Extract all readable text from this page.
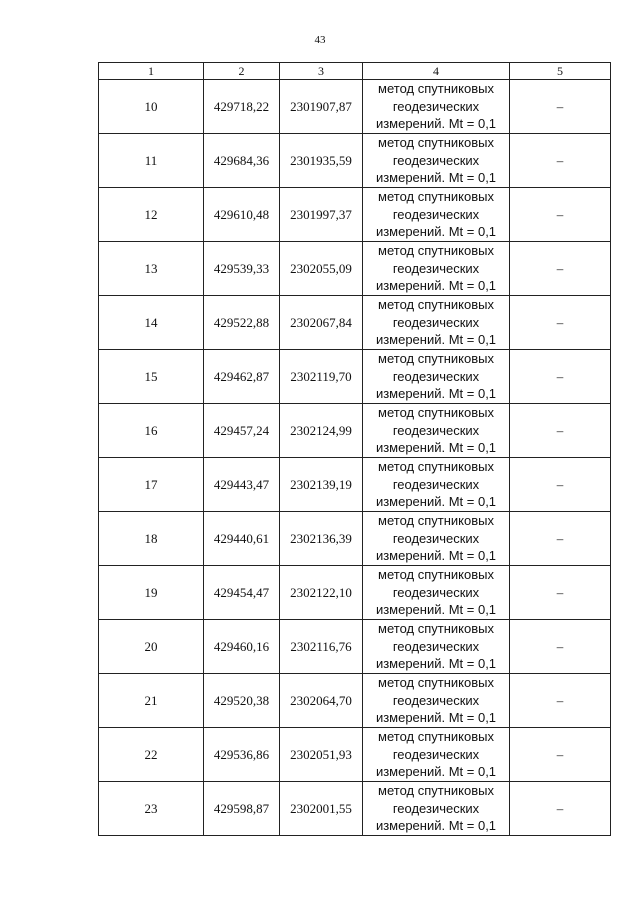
43
1	2	3	4	5
10	429718,22	2301907,87	метод спутниковых
геодезических
измерений. Mt = 0,1	–
11	429684,36	2301935,59	метод спутниковых
геодезических
измерений. Mt = 0,1	–
12	429610,48	2301997,37	метод спутниковых
геодезических
измерений. Mt = 0,1	–
13	429539,33	2302055,09	метод спутниковых
геодезических
измерений. Mt = 0,1	–
14	429522,88	2302067,84	метод спутниковых
геодезических
измерений. Mt = 0,1	–
15	429462,87	2302119,70	метод спутниковых
геодезических
измерений. Mt = 0,1	–
16	429457,24	2302124,99	метод спутниковых
геодезических
измерений. Mt = 0,1	–
17	429443,47	2302139,19	метод спутниковых
геодезических
измерений. Mt = 0,1	–
18	429440,61	2302136,39	метод спутниковых
геодезических
измерений. Mt = 0,1	–
19	429454,47	2302122,10	метод спутниковых
геодезических
измерений. Mt = 0,1	–
20	429460,16	2302116,76	метод спутниковых
геодезических
измерений. Mt = 0,1	–
21	429520,38	2302064,70	метод спутниковых
геодезических
измерений. Mt = 0,1	–
22	429536,86	2302051,93	метод спутниковых
геодезических
измерений. Mt = 0,1	–
23	429598,87	2302001,55	метод спутниковых
геодезических
измерений. Mt = 0,1	–
